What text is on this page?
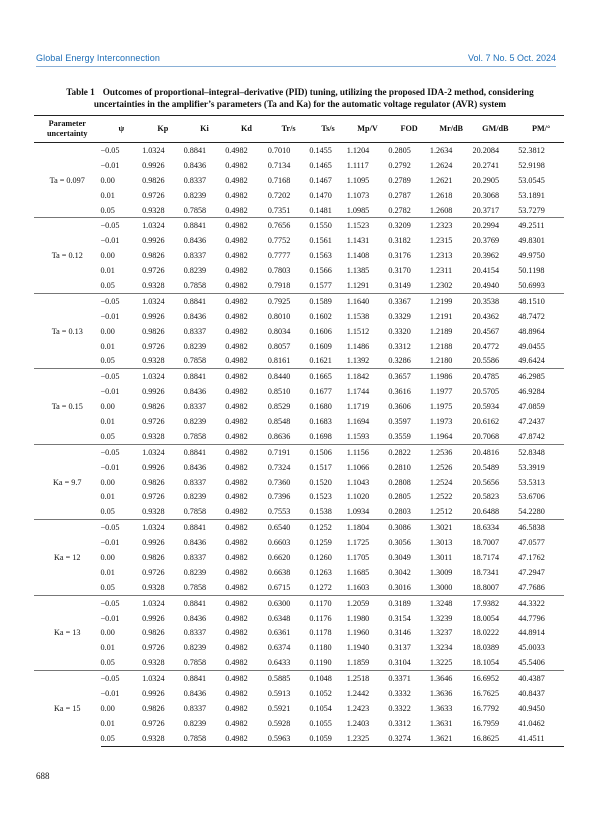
Global Energy Interconnection	Vol. 7 No. 5 Oct. 2024
Table 1 Outcomes of proportional–integral–derivative (PID) tuning, utilizing the proposed IDA-2 method, considering uncertainties in the amplifier’s parameters (Ta and Ka) for the automatic voltage regulator (AVR) system
Parameter uncertainty	ψ	Kp	Ki	Kd	Tr/s	Ts/s	Mp/V	FOD	Mr/dB	GM/dB	PM/°
Ta = 0.097	−0.05	1.0324	0.8841	0.4982	0.7010	0.1455	1.1204	0.2805	1.2634	20.2084	52.3812
	−0.01	0.9926	0.8436	0.4982	0.7134	0.1465	1.1117	0.2792	1.2624	20.2741	52.9198
	0.00	0.9826	0.8337	0.4982	0.7168	0.1467	1.1095	0.2789	1.2621	20.2905	53.0545
	0.01	0.9726	0.8239	0.4982	0.7202	0.1470	1.1073	0.2787	1.2618	20.3068	53.1891
	0.05	0.9328	0.7858	0.4982	0.7351	0.1481	1.0985	0.2782	1.2608	20.3717	53.7279
Ta = 0.12	−0.05	1.0324	0.8841	0.4982	0.7656	0.1550	1.1523	0.3209	1.2323	20.2994	49.2511
	−0.01	0.9926	0.8436	0.4982	0.7752	0.1561	1.1431	0.3182	1.2315	20.3769	49.8301
	0.00	0.9826	0.8337	0.4982	0.7777	0.1563	1.1408	0.3176	1.2313	20.3962	49.9750
	0.01	0.9726	0.8239	0.4982	0.7803	0.1566	1.1385	0.3170	1.2311	20.4154	50.1198
	0.05	0.9328	0.7858	0.4982	0.7918	0.1577	1.1291	0.3149	1.2302	20.4940	50.6993
Ta = 0.13	−0.05	1.0324	0.8841	0.4982	0.7925	0.1589	1.1640	0.3367	1.2199	20.3538	48.1510
	−0.01	0.9926	0.8436	0.4982	0.8010	0.1602	1.1538	0.3329	1.2191	20.4362	48.7472
	0.00	0.9826	0.8337	0.4982	0.8034	0.1606	1.1512	0.3320	1.2189	20.4567	48.8964
	0.01	0.9726	0.8239	0.4982	0.8057	0.1609	1.1486	0.3312	1.2188	20.4772	49.0455
	0.05	0.9328	0.7858	0.4982	0.8161	0.1621	1.1392	0.3286	1.2180	20.5586	49.6424
Ta = 0.15	−0.05	1.0324	0.8841	0.4982	0.8440	0.1665	1.1842	0.3657	1.1986	20.4785	46.2985
	−0.01	0.9926	0.8436	0.4982	0.8510	0.1677	1.1744	0.3616	1.1977	20.5705	46.9284
	0.00	0.9826	0.8337	0.4982	0.8529	0.1680	1.1719	0.3606	1.1975	20.5934	47.0859
	0.01	0.9726	0.8239	0.4982	0.8548	0.1683	1.1694	0.3597	1.1973	20.6162	47.2437
	0.05	0.9328	0.7858	0.4982	0.8636	0.1698	1.1593	0.3559	1.1964	20.7068	47.8742
Ka = 9.7	−0.05	1.0324	0.8841	0.4982	0.7191	0.1506	1.1156	0.2822	1.2536	20.4816	52.8348
	−0.01	0.9926	0.8436	0.4982	0.7324	0.1517	1.1066	0.2810	1.2526	20.5489	53.3919
	0.00	0.9826	0.8337	0.4982	0.7360	0.1520	1.1043	0.2808	1.2524	20.5656	53.5313
	0.01	0.9726	0.8239	0.4982	0.7396	0.1523	1.1020	0.2805	1.2522	20.5823	53.6706
	0.05	0.9328	0.7858	0.4982	0.7553	0.1538	1.0934	0.2803	1.2512	20.6488	54.2280
Ka = 12	−0.05	1.0324	0.8841	0.4982	0.6540	0.1252	1.1804	0.3086	1.3021	18.6334	46.5838
	−0.01	0.9926	0.8436	0.4982	0.6603	0.1259	1.1725	0.3056	1.3013	18.7007	47.0577
	0.00	0.9826	0.8337	0.4982	0.6620	0.1260	1.1705	0.3049	1.3011	18.7174	47.1762
	0.01	0.9726	0.8239	0.4982	0.6638	0.1263	1.1685	0.3042	1.3009	18.7341	47.2947
	0.05	0.9328	0.7858	0.4982	0.6715	0.1272	1.1603	0.3016	1.3000	18.8007	47.7686
Ka = 13	−0.05	1.0324	0.8841	0.4982	0.6300	0.1170	1.2059	0.3189	1.3248	17.9382	44.3322
	−0.01	0.9926	0.8436	0.4982	0.6348	0.1176	1.1980	0.3154	1.3239	18.0054	44.7796
	0.00	0.9826	0.8337	0.4982	0.6361	0.1178	1.1960	0.3146	1.3237	18.0222	44.8914
	0.01	0.9726	0.8239	0.4982	0.6374	0.1180	1.1940	0.3137	1.3234	18.0389	45.0033
	0.05	0.9328	0.7858	0.4982	0.6433	0.1190	1.1859	0.3104	1.3225	18.1054	45.5406
Ka = 15	−0.05	1.0324	0.8841	0.4982	0.5885	0.1048	1.2518	0.3371	1.3646	16.6952	40.4387
	−0.01	0.9926	0.8436	0.4982	0.5913	0.1052	1.2442	0.3332	1.3636	16.7625	40.8437
	0.00	0.9826	0.8337	0.4982	0.5921	0.1054	1.2423	0.3322	1.3633	16.7792	40.9450
	0.01	0.9726	0.8239	0.4982	0.5928	0.1055	1.2403	0.3312	1.3631	16.7959	41.0462
	0.05	0.9328	0.7858	0.4982	0.5963	0.1059	1.2325	0.3274	1.3621	16.8625	41.4511
688
